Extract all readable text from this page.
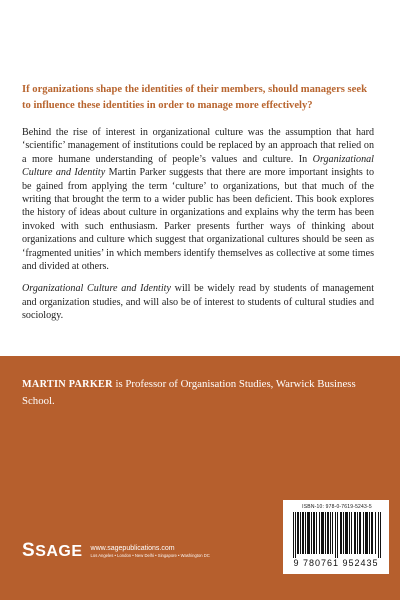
If organizations shape the identities of their members, should managers seek to influence these identities in order to manage more effectively?

Behind the rise of interest in organizational culture was the assumption that hard ‘scientific’ management of institutions could be replaced by an approach that relied on a more humane understanding of people’s values and culture. In Organizational Culture and Identity Martin Parker suggests that there are more important insights to be gained from applying the term ‘culture’ to organizations, but that much of the writing that brought the term to a wider public has been deficient. This book explores the history of ideas about culture in organizations and explains why the term has been invoked with such enthusiasm. Parker presents further ways of thinking about organizations and culture which suggest that organizational cultures should be seen as ‘fragmented unities’ in which members identify themselves as collective at some times and divided at others.

Organizational Culture and Identity will be widely read by students of management and organization studies, and will also be of interest to students of cultural studies and sociology.

MARTIN PARKER is Professor of Organisation Studies, Warwick Business School.

SSAGE www.sagepublications.com
Los Angeles • London • New Delhi • Singapore • Washington DC
ISBN-10: 978-0-7619-5243-5
9 780761 952435
